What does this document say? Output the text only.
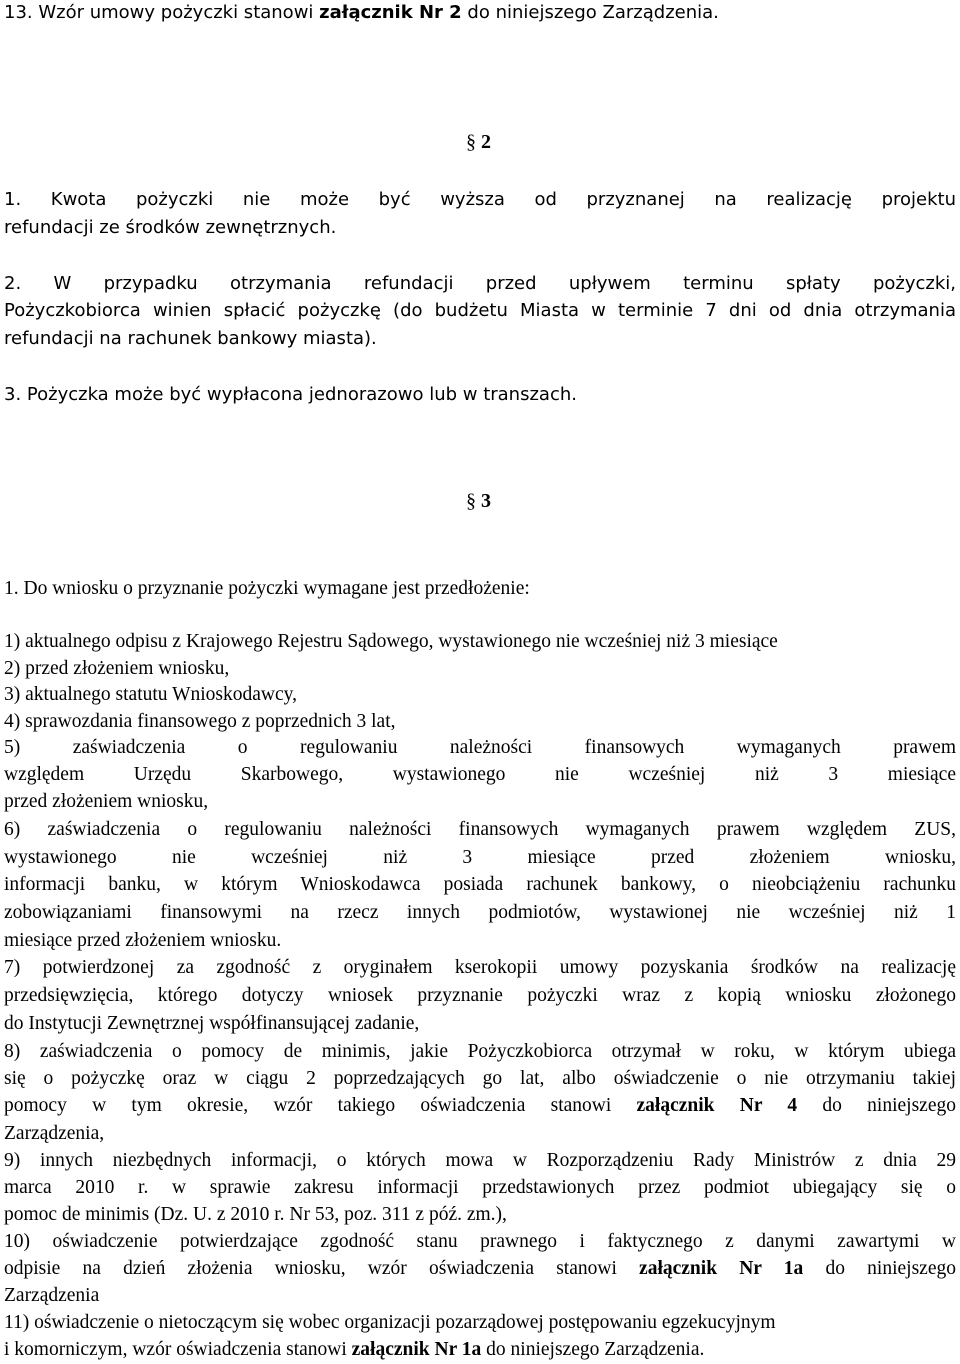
13. Wzór umowy pożyczki stanowi załącznik Nr 2 do niniejszego Zarządzenia.
§ 2
1. Kwota pożyczki nie może być wyższa od przyznanej na realizację projektu
refundacji ze środków zewnętrznych.
2. W przypadku otrzymania refundacji przed upływem terminu spłaty pożyczki,
Pożyczkobiorca winien spłacić pożyczkę (do budżetu Miasta w terminie 7 dni od dnia otrzymania
refundacji na rachunek bankowy miasta).
3. Pożyczka może być wypłacona jednorazowo lub w transzach.
§ 3
1. Do wniosku o przyznanie pożyczki wymagane jest przedłożenie:
1) aktualnego odpisu z Krajowego Rejestru Sądowego, wystawionego nie wcześniej niż 3 miesiące
2) przed złożeniem wniosku,
3) aktualnego statutu Wnioskodawcy,
4) sprawozdania finansowego z poprzednich 3 lat,
5) zaświadczenia o regulowaniu należności finansowych wymaganych prawem
względem Urzędu Skarbowego, wystawionego nie wcześniej niż 3 miesiące
przed złożeniem wniosku,
6) zaświadczenia o regulowaniu należności finansowych wymaganych prawem względem ZUS,
wystawionego nie wcześniej niż 3 miesiące przed złożeniem wniosku,
informacji banku, w którym Wnioskodawca posiada rachunek bankowy, o nieobciążeniu rachunku
zobowiązaniami finansowymi na rzecz innych podmiotów, wystawionej nie wcześniej niż 1
miesiące przed złożeniem wniosku.
7) potwierdzonej za zgodność z oryginałem kserokopii umowy pozyskania środków na realizację
przedsięwzięcia, którego dotyczy wniosek przyznanie pożyczki wraz z kopią wniosku złożonego
do Instytucji Zewnętrznej współfinansującej zadanie,
8) zaświadczenia o pomocy de minimis, jakie Pożyczkobiorca otrzymał w roku, w którym ubiega
się o pożyczkę oraz w ciągu 2 poprzedzających go lat, albo oświadczenie o nie otrzymaniu takiej
pomocy w tym okresie, wzór takiego oświadczenia stanowi załącznik Nr 4 do niniejszego
Zarządzenia,
9) innych niezbędnych informacji, o których mowa w Rozporządzeniu Rady Ministrów z dnia 29
marca 2010 r. w sprawie zakresu informacji przedstawionych przez podmiot ubiegający się o
pomoc de minimis (Dz. U. z 2010 r. Nr 53, poz. 311 z póź. zm.),
10) oświadczenie potwierdzające zgodność stanu prawnego i faktycznego z danymi zawartymi w
odpisie na dzień złożenia wniosku, wzór oświadczenia stanowi załącznik Nr 1a do niniejszego
Zarządzenia
11) oświadczenie o nietoczącym się wobec organizacji pozarządowej postępowaniu egzekucyjnym
i komorniczym, wzór oświadczenia stanowi załącznik Nr 1a do niniejszego Zarządzenia.
